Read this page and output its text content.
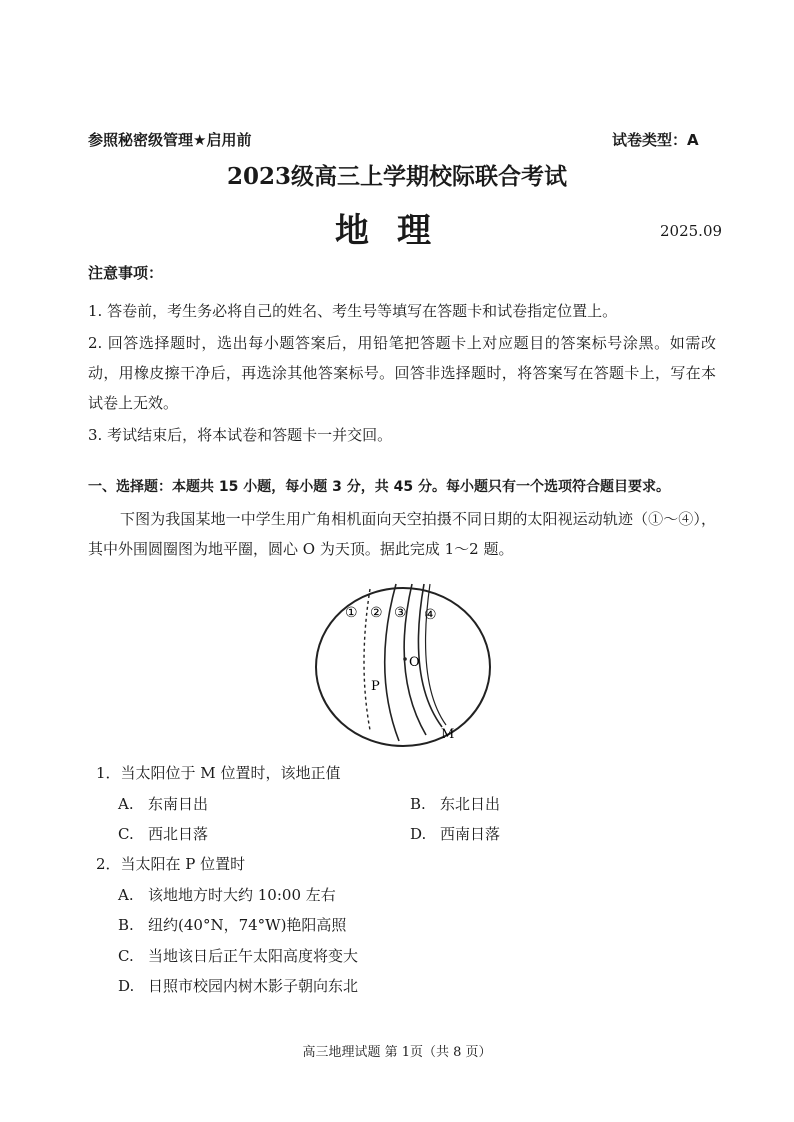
参照秘密级管理★启用前	试卷类型：A
2023级高三上学期校际联合考试
地理	2025.09
注意事项：
1. 答卷前，考生务必将自己的姓名、考生号等填写在答题卡和试卷指定位置上。
2. 回答选择题时，选出每小题答案后，用铅笔把答题卡上对应题目的答案标号涂黑。如需改动，用橡皮擦干净后，再选涂其他答案标号。回答非选择题时，将答案写在答题卡上，写在本试卷上无效。
3. 考试结束后，将本试卷和答题卡一并交回。
一、选择题：本题共 15 小题，每小题 3 分，共 45 分。每小题只有一个选项符合题目要求。
下图为我国某地一中学生用广角相机面向天空拍摄不同日期的太阳视运动轨迹（①～④），其中外围圆圈图为地平圈，圆心 O 为天顶。据此完成 1～2 题。
① ② ③ ④
O
P
M
1．当太阳位于 M 位置时，该地正值
A. 东南日出	B. 东北日出
C. 西北日落	D. 西南日落
2．当太阳在 P 位置时
A. 该地地方时大约 10:00 左右
B. 纽约(40°N，74°W)艳阳高照
C. 当地该日后正午太阳高度将变大
D. 日照市校园内树木影子朝向东北
高三地理试题 第 1页（共 8 页）
